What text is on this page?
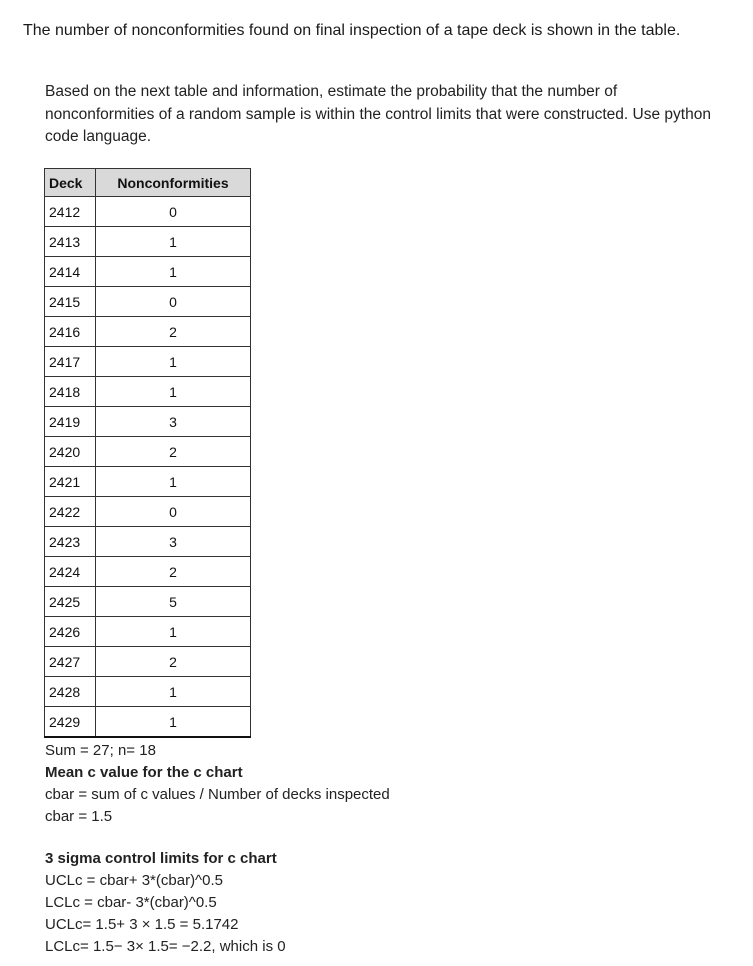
The number of nonconformities found on final inspection of a tape deck is shown in the table.
Based on the next table and information, estimate the probability that the number of nonconformities of a random sample is within the control limits that were constructed. Use python code language.
Deck	Nonconformities
2412	0
2413	1
2414	1
2415	0
2416	2
2417	1
2418	1
2419	3
2420	2
2421	1
2422	0
2423	3
2424	2
2425	5
2426	1
2427	2
2428	1
2429	1
Sum = 27; n= 18
Mean c value for the c chart
cbar = sum of c values / Number of decks inspected
cbar = 1.5
3 sigma control limits for c chart
UCLc = cbar+ 3*(cbar)^0.5
LCLc = cbar- 3*(cbar)^0.5
UCLc= 1.5+ 3 × 1.5 = 5.1742
LCLc= 1.5− 3× 1.5= −2.2, which is 0
